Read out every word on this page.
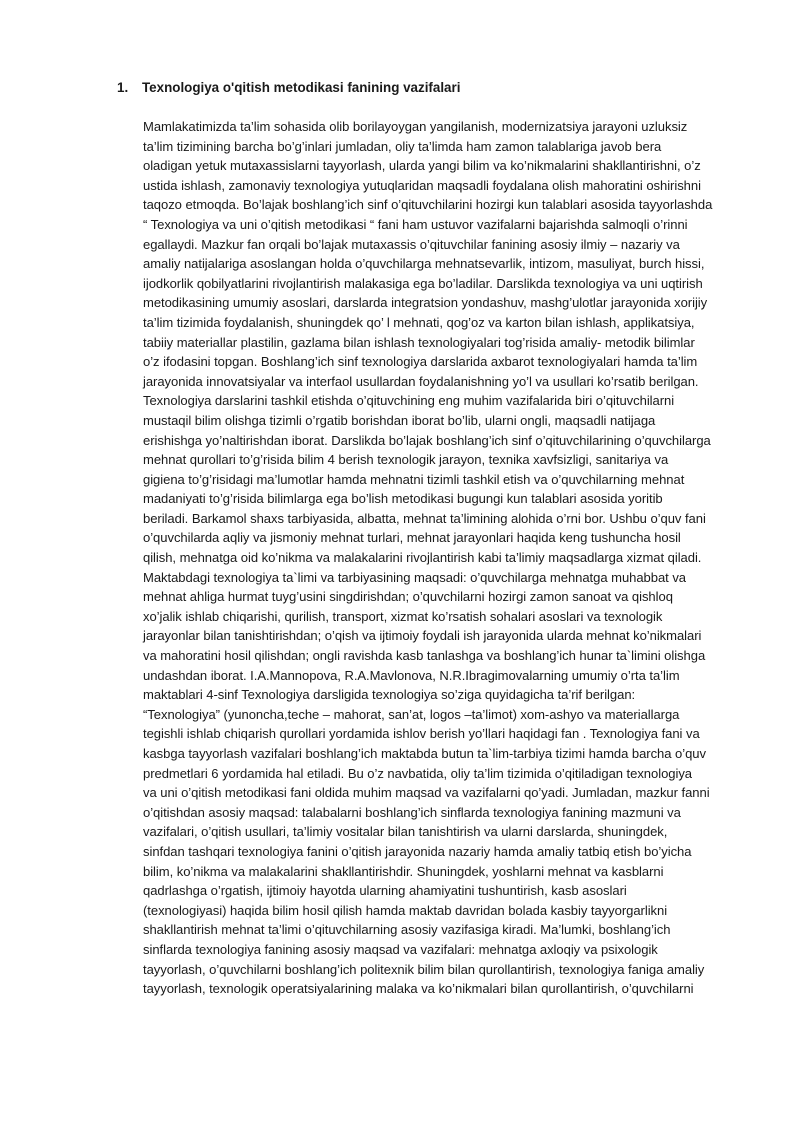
1. Texnologiya o'qitish metodikasi fanining vazifalari
Mamlakatimizda ta’lim sohasida olib borilayoygan yangilanish, modernizatsiya jarayoni uzluksiz
ta’lim tizimining barcha bo’g’inlari jumladan, oliy ta’limda ham zamon talablariga javob bera
oladigan yetuk mutaxassislarni tayyorlash, ularda yangi bilim va ko’nikmalarini shakllantirishni, o’z
ustida ishlash, zamonaviy texnologiya yutuqlaridan maqsadli foydalana olish mahoratini oshirishni
taqozo etmoqda. Bo’lajak boshlang’ich sinf o’qituvchilarini hozirgi kun talablari asosida tayyorlashda
“ Texnologiya va uni o’qitish metodikasi “ fani ham ustuvor vazifalarni bajarishda salmoqli o’rinni
egallaydi. Mazkur fan orqali bo’lajak mutaxassis o’qituvchilar fanining asosiy ilmiy – nazariy va
amaliy natijalariga asoslangan holda o’quvchilarga mehnatsevarlik, intizom, masuliyat, burch hissi,
ijodkorlik qobilyatlarini rivojlantirish malakasiga ega bo’ladilar. Darslikda texnologiya va uni uqtirish
metodikasining umumiy asoslari, darslarda integratsion yondashuv, mashg’ulotlar jarayonida xorijiy
ta’lim tizimida foydalanish, shuningdek qo’ l mehnati, qog’oz va karton bilan ishlash, applikatsiya,
tabiiy materiallar plastilin, gazlama bilan ishlash texnologiyalari tog’risida amaliy- metodik bilimlar
o’z ifodasini topgan. Boshlang’ich sinf texnologiya darslarida axbarot texnologiyalari hamda ta’lim
jarayonida innovatsiyalar va interfaol usullardan foydalanishning yo’l va usullari ko’rsatib berilgan.
Texnologiya darslarini tashkil etishda o’qituvchining eng muhim vazifalarida biri o’qituvchilarni
mustaqil bilim olishga tizimli o’rgatib borishdan iborat bo’lib, ularni ongli, maqsadli natijaga
erishishga yo’naltirishdan iborat. Darslikda bo’lajak boshlang’ich sinf o’qituvchilarining o’quvchilarga
mehnat qurollari to’g’risida bilim 4 berish texnologik jarayon, texnika xavfsizligi, sanitariya va
gigiena to’g’risidagi ma’lumotlar hamda mehnatni tizimli tashkil etish va o’quvchilarning mehnat
madaniyati to’g’risida bilimlarga ega bo’lish metodikasi bugungi kun talablari asosida yoritib
beriladi. Barkamol shaxs tarbiyasida, albatta, mehnat ta’limining alohida o’rni bor. Ushbu o’quv fani
o’quvchilarda aqliy va jismoniy mehnat turlari, mehnat jarayonlari haqida keng tushuncha hosil
qilish, mehnatga oid ko’nikma va malakalarini rivojlantirish kabi ta’limiy maqsadlarga xizmat qiladi.
Maktabdagi texnologiya ta`limi va tarbiyasining maqsadi: o’quvchilarga mehnatga muhabbat va
mehnat ahliga hurmat tuyg’usini singdirishdan; o’quvchilarni hozirgi zamon sanoat va qishloq
xo’jalik ishlab chiqarishi, qurilish, transport, xizmat ko’rsatish sohalari asoslari va texnologik
jarayonlar bilan tanishtirishdan; o’qish va ijtimoiy foydali ish jarayonida ularda mehnat ko’nikmalari
va mahoratini hosil qilishdan; ongli ravishda kasb tanlashga va boshlang’ich hunar ta`limini olishga
undashdan iborat. I.A.Mannopova, R.A.Mavlonova, N.R.Ibragimovalarning umumiy o’rta ta’lim
maktablari 4-sinf Texnologiya darsligida texnologiya so’ziga quyidagicha ta’rif berilgan:
“Texnologiya” (yunoncha,teche – mahorat, san’at, logos –ta’limot) xom-ashyo va materiallarga
tegishli ishlab chiqarish qurollari yordamida ishlov berish yo’llari haqidagi fan . Texnologiya fani va
kasbga tayyorlash vazifalari boshlang’ich maktabda butun ta`lim-tarbiya tizimi hamda barcha o’quv
predmetlari 6 yordamida hal etiladi. Bu o’z navbatida, oliy ta’lim tizimida o’qitiladigan texnologiya
va uni o’qitish metodikasi fani oldida muhim maqsad va vazifalarni qo’yadi. Jumladan, mazkur fanni
o’qitishdan asosiy maqsad: talabalarni boshlang’ich sinflarda texnologiya fanining mazmuni va
vazifalari, o’qitish usullari, ta’limiy vositalar bilan tanishtirish va ularni darslarda, shuningdek,
sinfdan tashqari texnologiya fanini o’qitish jarayonida nazariy hamda amaliy tatbiq etish bo’yicha
bilim, ko’nikma va malakalarini shakllantirishdir. Shuningdek, yoshlarni mehnat va kasblarni
qadrlashga o’rgatish, ijtimoiy hayotda ularning ahamiyatini tushuntirish, kasb asoslari
(texnologiyasi) haqida bilim hosil qilish hamda maktab davridan bolada kasbiy tayyorgarlikni
shakllantirish mehnat ta’limi o’qituvchilarning asosiy vazifasiga kiradi. Ma’lumki, boshlang’ich
sinflarda texnologiya fanining asosiy maqsad va vazifalari: mehnatga axloqiy va psixologik
tayyorlash, o’quvchilarni boshlang’ich politexnik bilim bilan qurollantirish, texnologiya faniga amaliy
tayyorlash, texnologik operatsiyalarining malaka va ko’nikmalari bilan qurollantirish, o’quvchilarni
